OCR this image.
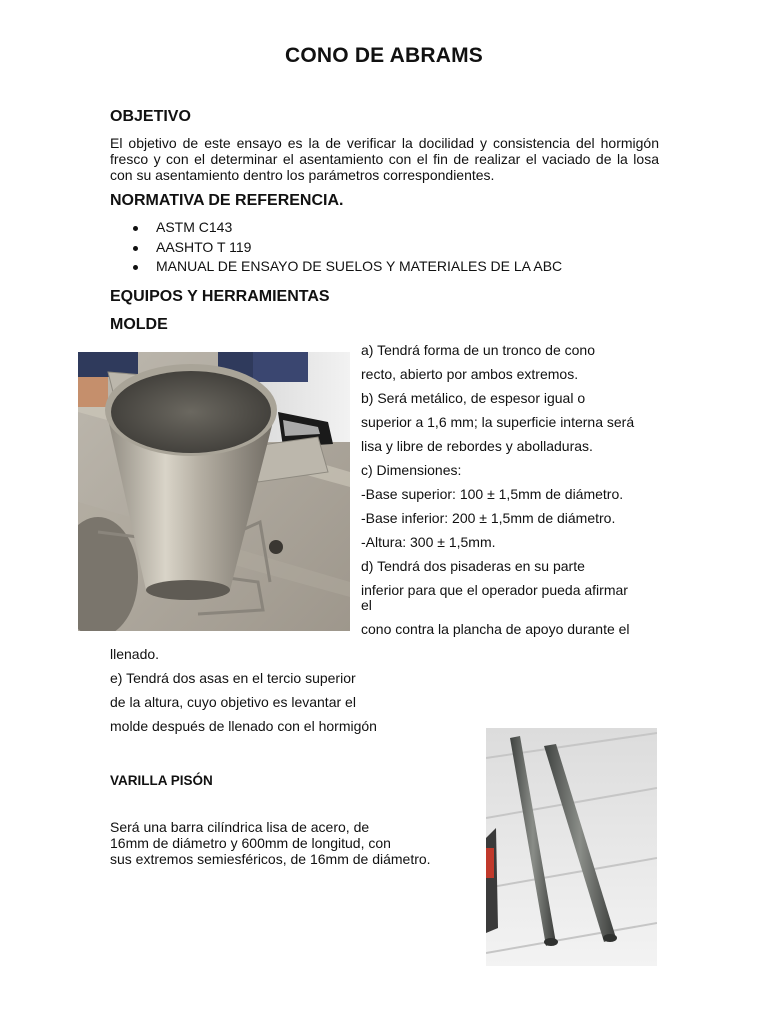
CONO DE ABRAMS
OBJETIVO
El objetivo de este ensayo es la de verificar la docilidad y consistencia del hormigón fresco y con el determinar el asentamiento con el fin de realizar el vaciado de la losa con su asentamiento dentro los parámetros correspondientes.
NORMATIVA DE REFERENCIA.
ASTM C143
AASHTO T 119
MANUAL DE ENSAYO DE SUELOS Y MATERIALES DE LA ABC
EQUIPOS Y HERRAMIENTAS
MOLDE
a) Tendrá forma de un tronco de cono
recto, abierto por ambos extremos.
b) Será metálico, de espesor igual o
superior a 1,6 mm; la superficie interna será
lisa y libre de rebordes y abolladuras.
c) Dimensiones:
-Base superior: 100 ± 1,5mm de diámetro.
-Base inferior: 200 ± 1,5mm de diámetro.
-Altura: 300 ± 1,5mm.
d) Tendrá dos pisaderas en su parte
inferior para que el operador pueda afirmar
el
cono contra la plancha de apoyo durante el
llenado.
e) Tendrá dos asas en el tercio superior
de la altura, cuyo objetivo es levantar el
molde después de llenado con el hormigón
VARILLA PISÓN
Será una barra cilíndrica lisa de acero, de
16mm de diámetro y 600mm de longitud, con
sus extremos semiesféricos, de 16mm de diámetro.
